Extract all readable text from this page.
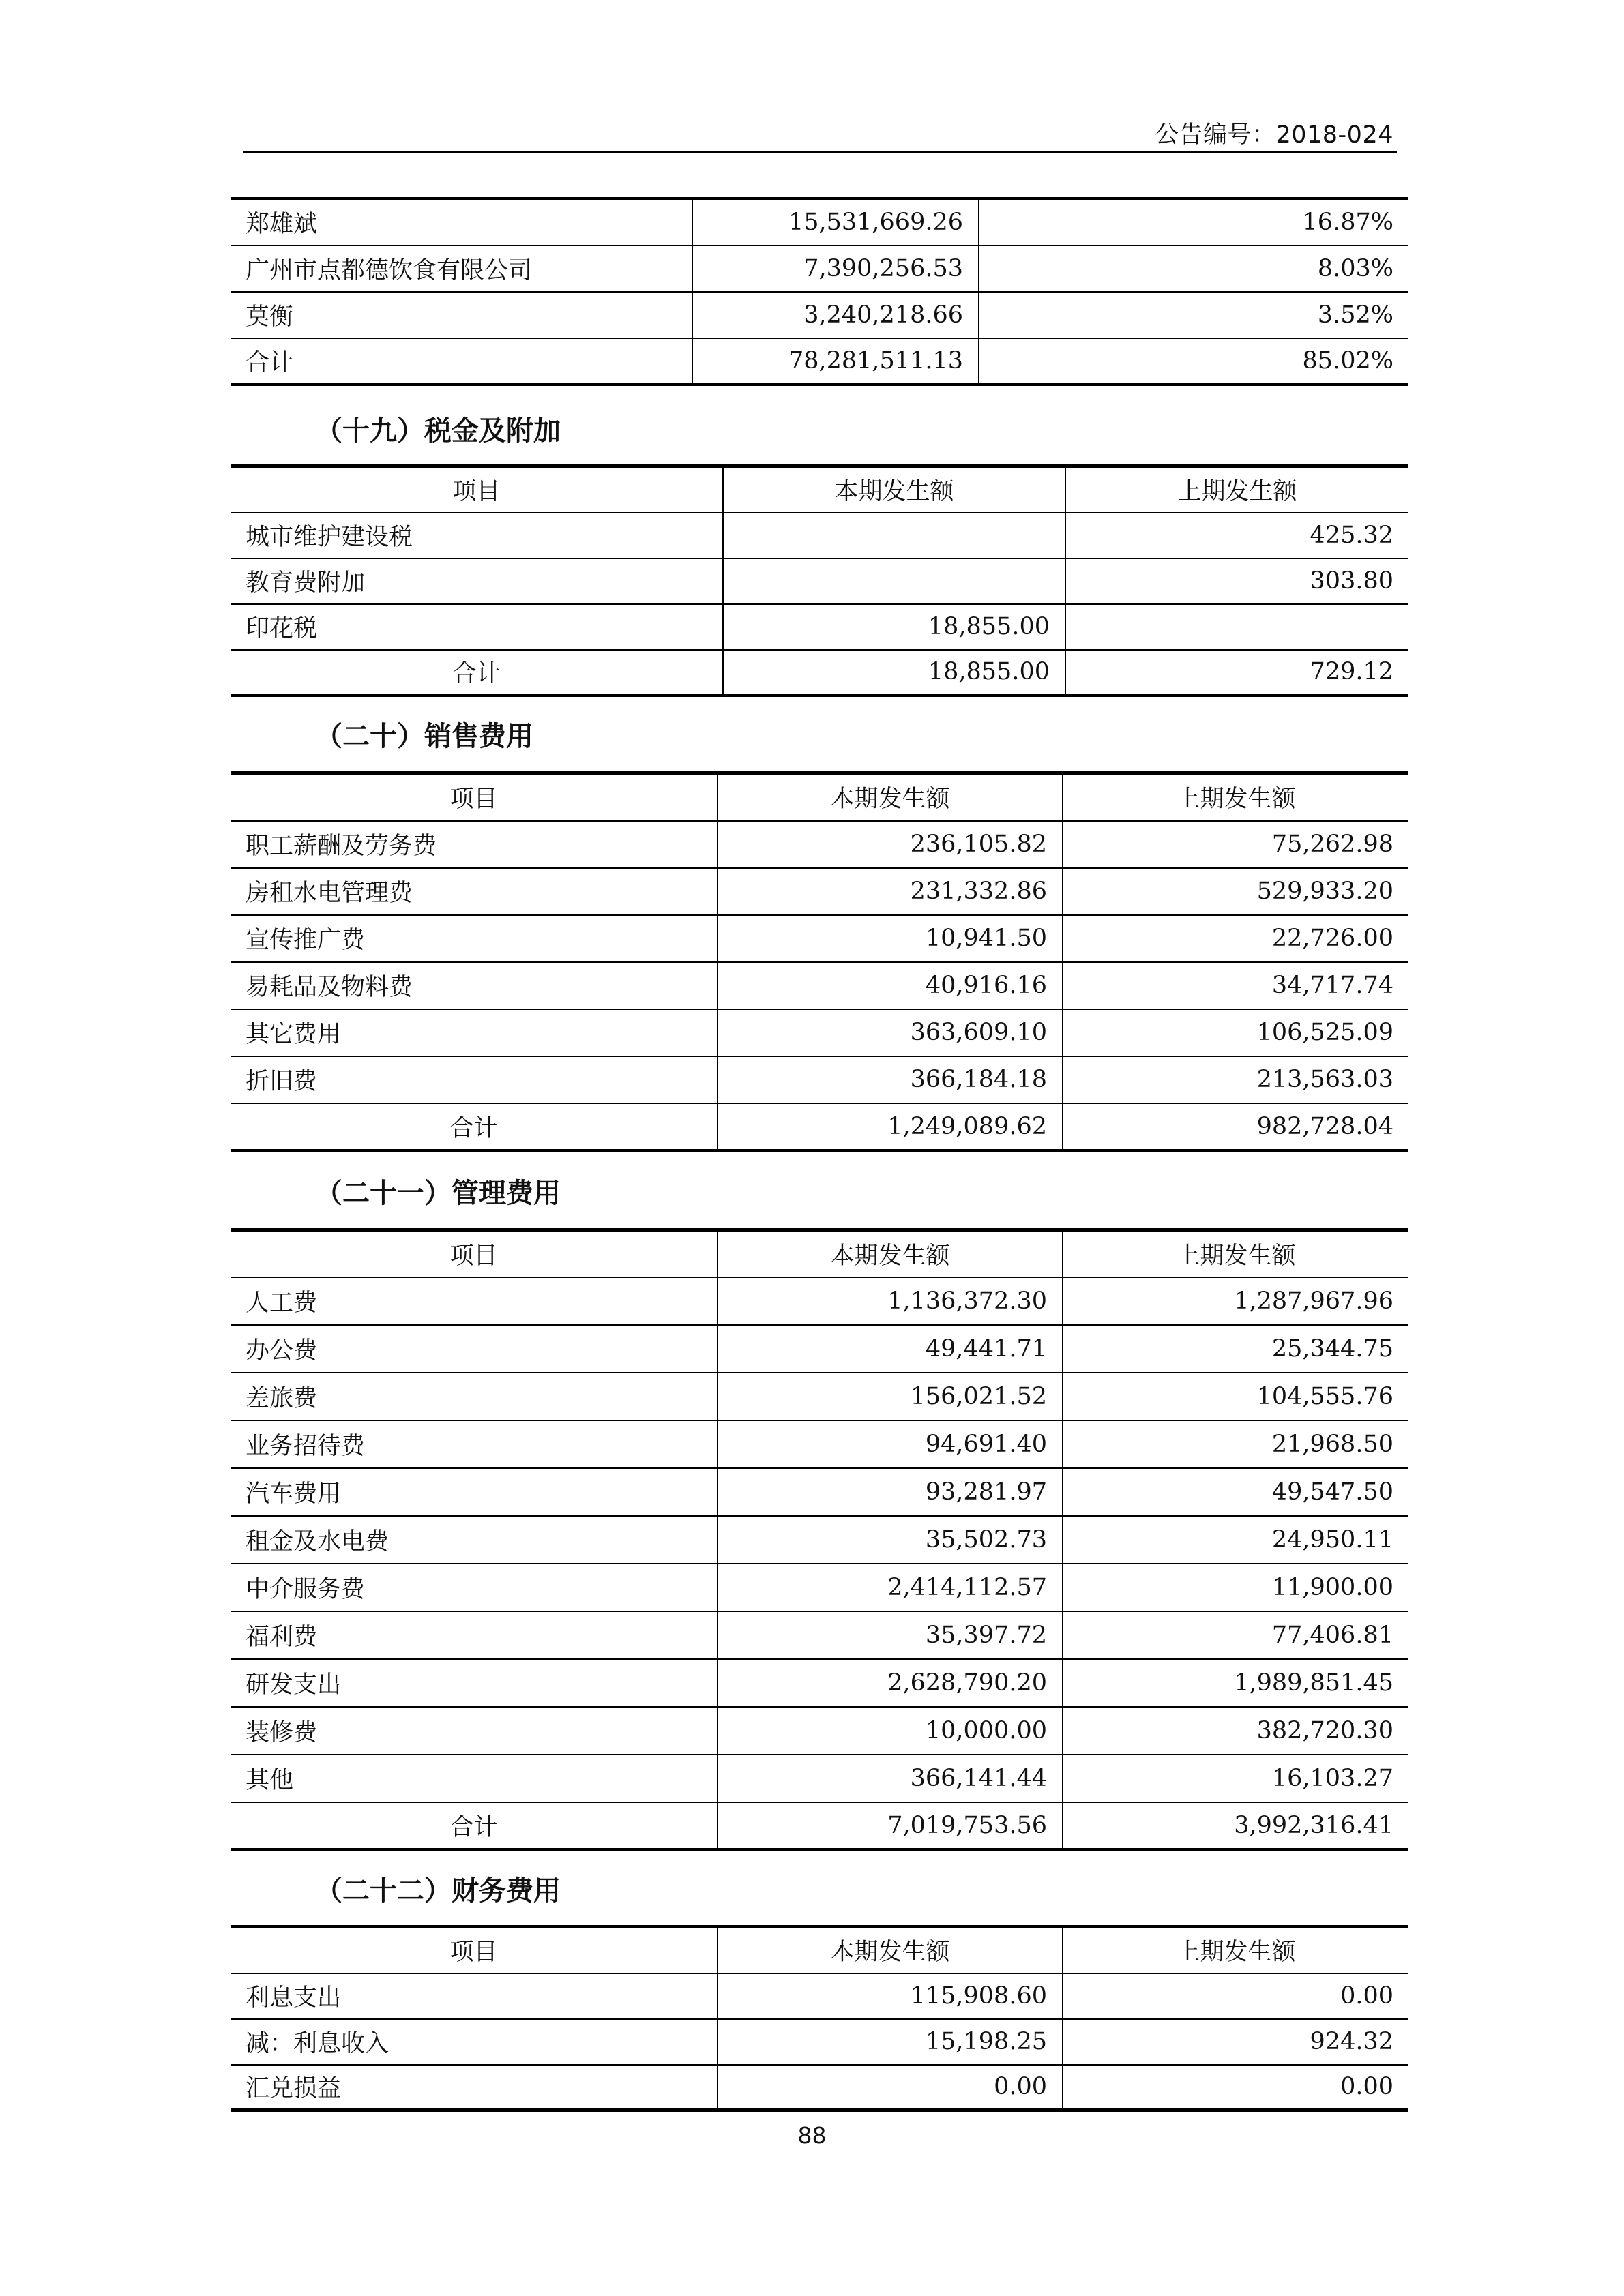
公告编号：2018-024
郑雄斌	15,531,669.26	16.87%
广州市点都德饮食有限公司	7,390,256.53	8.03%
莫衡	3,240,218.66	3.52%
合计	78,281,511.13	85.02%
（十九）税金及附加
项目	本期发生额	上期发生额
城市维护建设税		425.32
教育费附加		303.80
印花税	18,855.00	
合计	18,855.00	729.12
（二十）销售费用
项目	本期发生额	上期发生额
职工薪酬及劳务费	236,105.82	75,262.98
房租水电管理费	231,332.86	529,933.20
宣传推广费	10,941.50	22,726.00
易耗品及物料费	40,916.16	34,717.74
其它费用	363,609.10	106,525.09
折旧费	366,184.18	213,563.03
合计	1,249,089.62	982,728.04
（二十一）管理费用
项目	本期发生额	上期发生额
人工费	1,136,372.30	1,287,967.96
办公费	49,441.71	25,344.75
差旅费	156,021.52	104,555.76
业务招待费	94,691.40	21,968.50
汽车费用	93,281.97	49,547.50
租金及水电费	35,502.73	24,950.11
中介服务费	2,414,112.57	11,900.00
福利费	35,397.72	77,406.81
研发支出	2,628,790.20	1,989,851.45
装修费	10,000.00	382,720.30
其他	366,141.44	16,103.27
合计	7,019,753.56	3,992,316.41
（二十二）财务费用
项目	本期发生额	上期发生额
利息支出	115,908.60	0.00
减：利息收入	15,198.25	924.32
汇兑损益	0.00	0.00
88
